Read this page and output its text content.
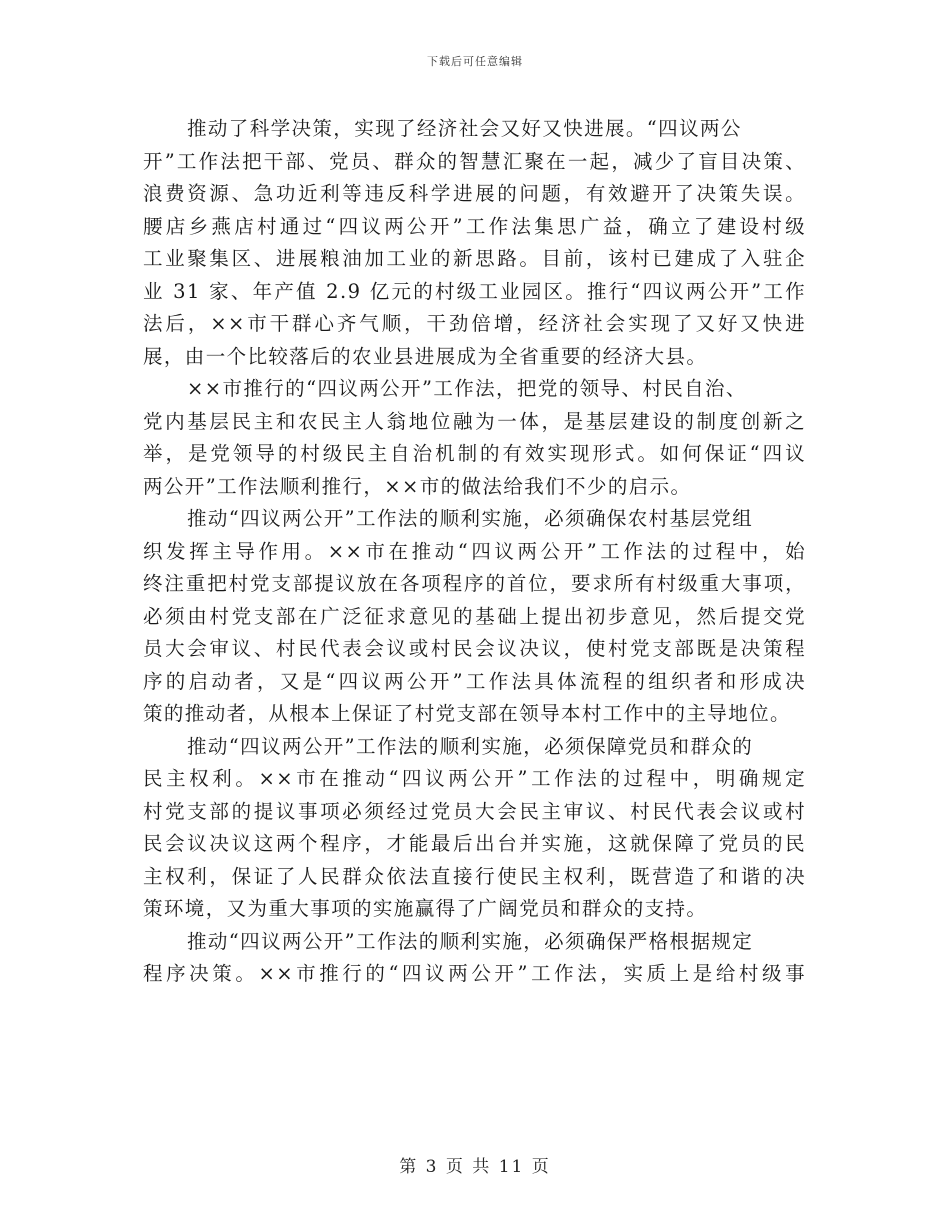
下载后可任意编辑
推动了科学决策，实现了经济社会又好又快进展。“四议两公
开”工作法把干部、党员、群众的智慧汇聚在一起，减少了盲目决策、
浪费资源、急功近利等违反科学进展的问题，有效避开了决策失误。
腰店乡燕店村通过“四议两公开”工作法集思广益，确立了建设村级
工业聚集区、进展粮油加工业的新思路。目前，该村已建成了入驻企
业 31 家、年产值 2.9 亿元的村级工业园区。推行“四议两公开”工作
法后，××市干群心齐气顺，干劲倍增，经济社会实现了又好又快进
展，由一个比较落后的农业县进展成为全省重要的经济大县。
××市推行的“四议两公开”工作法，把党的领导、村民自治、
党内基层民主和农民主人翁地位融为一体，是基层建设的制度创新之
举，是党领导的村级民主自治机制的有效实现形式。如何保证“四议
两公开”工作法顺利推行，××市的做法给我们不少的启示。
推动“四议两公开”工作法的顺利实施，必须确保农村基层党组
织发挥主导作用。××市在推动“四议两公开”工作法的过程中，始
终注重把村党支部提议放在各项程序的首位，要求所有村级重大事项，
必须由村党支部在广泛征求意见的基础上提出初步意见，然后提交党
员大会审议、村民代表会议或村民会议决议，使村党支部既是决策程
序的启动者，又是“四议两公开”工作法具体流程的组织者和形成决
策的推动者，从根本上保证了村党支部在领导本村工作中的主导地位。
推动“四议两公开”工作法的顺利实施，必须保障党员和群众的
民主权利。××市在推动“四议两公开”工作法的过程中，明确规定
村党支部的提议事项必须经过党员大会民主审议、村民代表会议或村
民会议决议这两个程序，才能最后出台并实施，这就保障了党员的民
主权利，保证了人民群众依法直接行使民主权利，既营造了和谐的决
策环境，又为重大事项的实施赢得了广阔党员和群众的支持。
推动“四议两公开”工作法的顺利实施，必须确保严格根据规定
程序决策。××市推行的“四议两公开”工作法，实质上是给村级事
第 3 页 共 11 页
